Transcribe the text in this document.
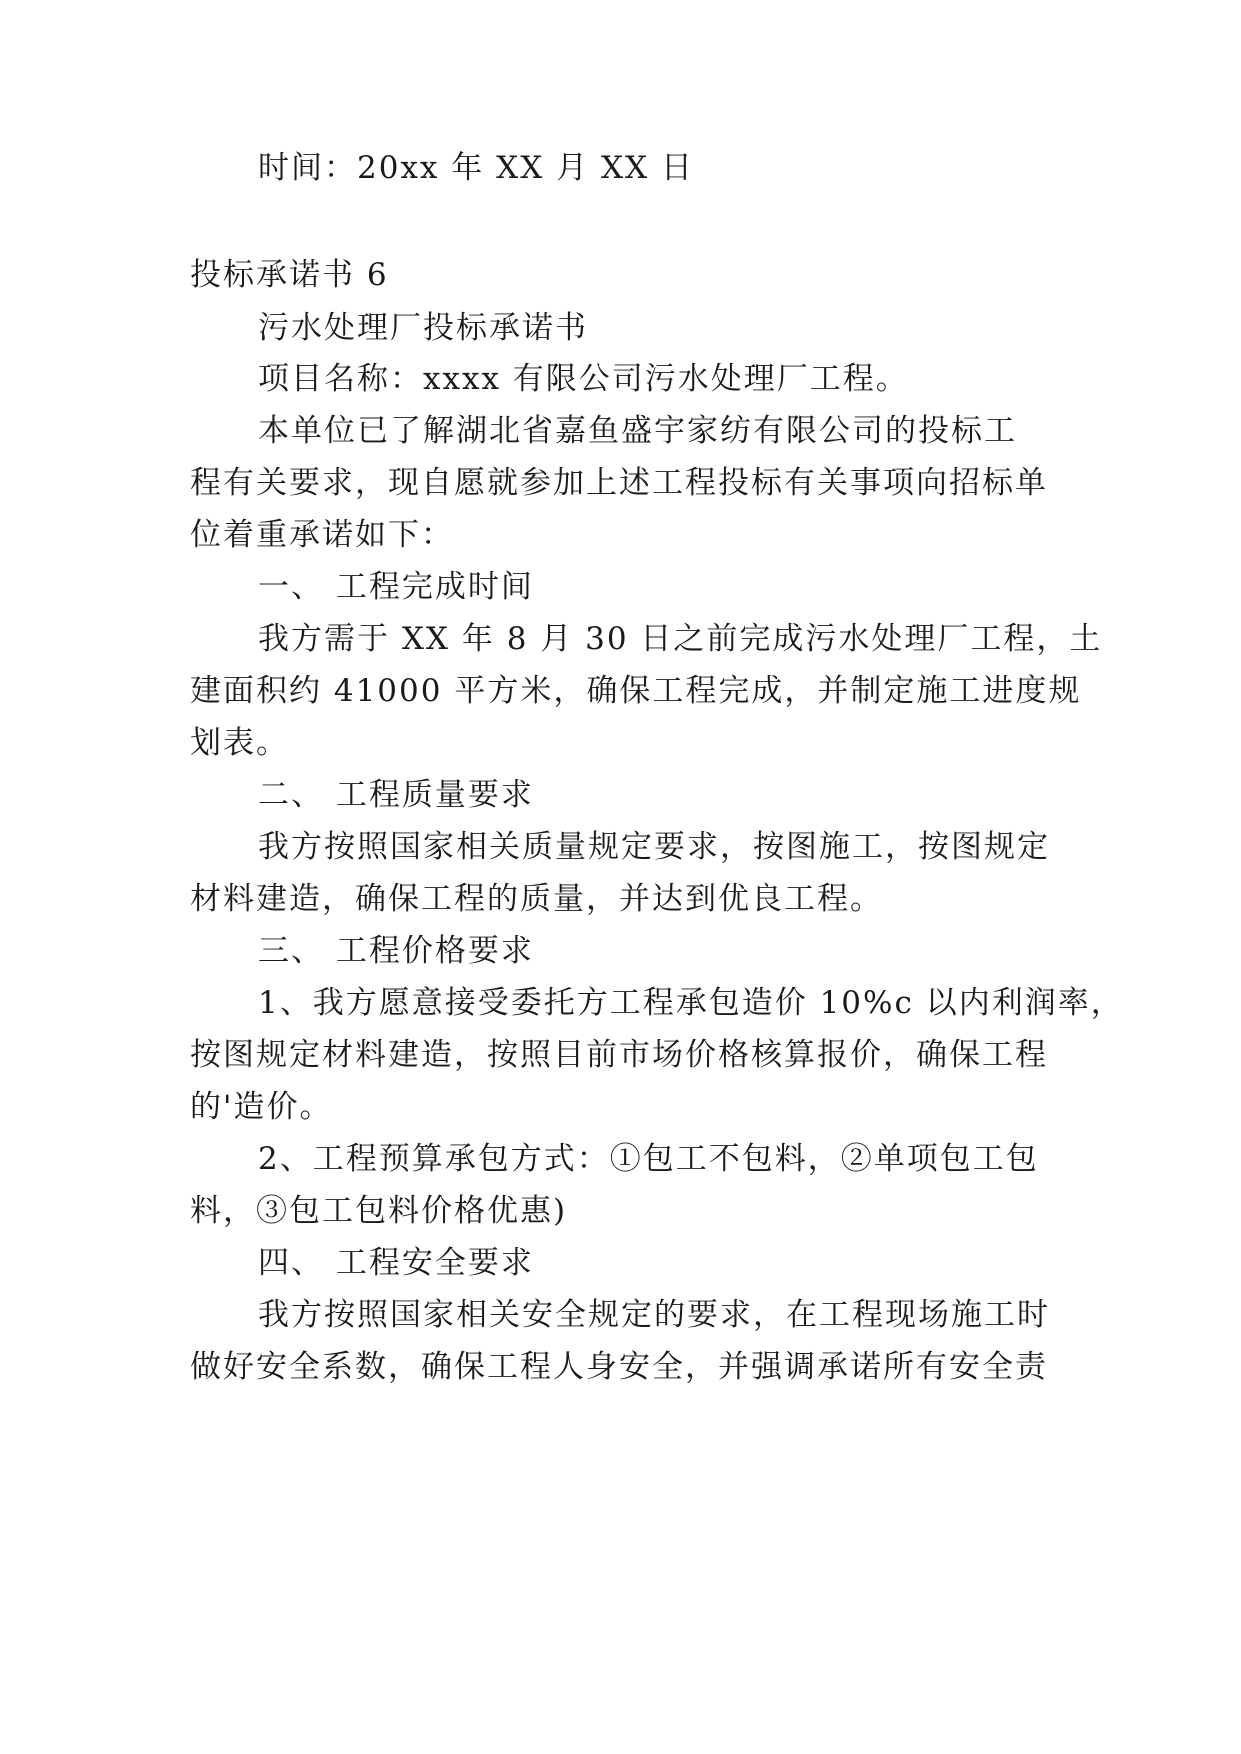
时间：20xx 年 XX 月 XX 日
投标承诺书 6
污水处理厂投标承诺书
项目名称：xxxx 有限公司污水处理厂工程。
本单位已了解湖北省嘉鱼盛宇家纺有限公司的投标工
程有关要求，现自愿就参加上述工程投标有关事项向招标单
位着重承诺如下：
一、 工程完成时间
我方需于 XX 年 8 月 30 日之前完成污水处理厂工程，土
建面积约 41000 平方米，确保工程完成，并制定施工进度规
划表。
二、 工程质量要求
我方按照国家相关质量规定要求，按图施工，按图规定
材料建造，确保工程的质量，并达到优良工程。
三、 工程价格要求
1、我方愿意接受委托方工程承包造价 10%c 以内利润率，
按图规定材料建造，按照目前市场价格核算报价，确保工程
的'造价。
2、工程预算承包方式：①包工不包料，②单项包工包
料，③包工包料价格优惠)
四、 工程安全要求
我方按照国家相关安全规定的要求，在工程现场施工时
做好安全系数，确保工程人身安全，并强调承诺所有安全责
